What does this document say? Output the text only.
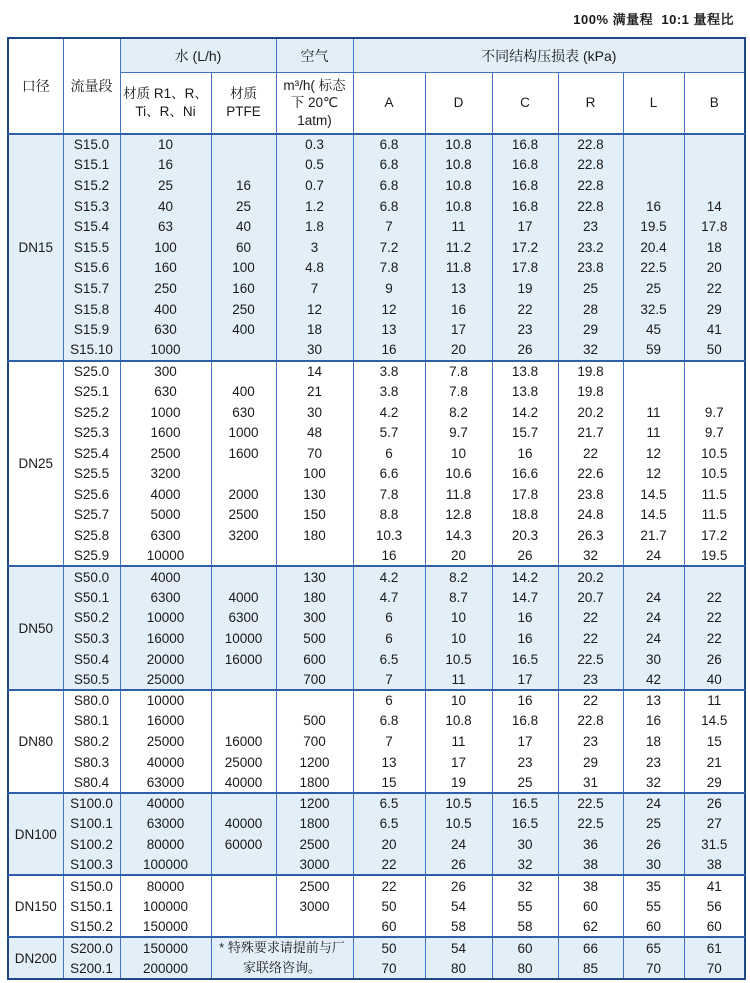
100% 满量程  10:1 量程比
口径	流量段	水 (L/h)		空气	不同结构压损表 (kPa)					
		材质 R1、R、Ti、R、Ni	材质 PTFE	m³/h( 标态下 20℃ 1atm)	A	D	C	R	L	B
DN15	S15.0	10		0.3	6.8	10.8	16.8	22.8		
	S15.1	16		0.5	6.8	10.8	16.8	22.8		
	S15.2	25	16	0.7	6.8	10.8	16.8	22.8		
	S15.3	40	25	1.2	6.8	10.8	16.8	22.8	16	14
	S15.4	63	40	1.8	7	11	17	23	19.5	17.8
	S15.5	100	60	3	7.2	11.2	17.2	23.2	20.4	18
	S15.6	160	100	4.8	7.8	11.8	17.8	23.8	22.5	20
	S15.7	250	160	7	9	13	19	25	25	22
	S15.8	400	250	12	12	16	22	28	32.5	29
	S15.9	630	400	18	13	17	23	29	45	41
	S15.10	1000		30	16	20	26	32	59	50
DN25	S25.0	300		14	3.8	7.8	13.8	19.8		
	S25.1	630	400	21	3.8	7.8	13.8	19.8		
	S25.2	1000	630	30	4.2	8.2	14.2	20.2	11	9.7
	S25.3	1600	1000	48	5.7	9.7	15.7	21.7	11	9.7
	S25.4	2500	1600	70	6	10	16	22	12	10.5
	S25.5	3200		100	6.6	10.6	16.6	22.6	12	10.5
	S25.6	4000	2000	130	7.8	11.8	17.8	23.8	14.5	11.5
	S25.7	5000	2500	150	8.8	12.8	18.8	24.8	14.5	11.5
	S25.8	6300	3200	180	10.3	14.3	20.3	26.3	21.7	17.2
	S25.9	10000			16	20	26	32	24	19.5
DN50	S50.0	4000		130	4.2	8.2	14.2	20.2		
	S50.1	6300	4000	180	4.7	8.7	14.7	20.7	24	22
	S50.2	10000	6300	300	6	10	16	22	24	22
	S50.3	16000	10000	500	6	10	16	22	24	22
	S50.4	20000	16000	600	6.5	10.5	16.5	22.5	30	26
	S50.5	25000		700	7	11	17	23	42	40
DN80	S80.0	10000			6	10	16	22	13	11
	S80.1	16000		500	6.8	10.8	16.8	22.8	16	14.5
	S80.2	25000	16000	700	7	11	17	23	18	15
	S80.3	40000	25000	1200	13	17	23	29	23	21
	S80.4	63000	40000	1800	15	19	25	31	32	29
DN100	S100.0	40000		1200	6.5	10.5	16.5	22.5	24	26
	S100.1	63000	40000	1800	6.5	10.5	16.5	22.5	25	27
	S100.2	80000	60000	2500	20	24	30	36	26	31.5
	S100.3	100000		3000	22	26	32	38	30	38
DN150	S150.0	80000		2500	22	26	32	38	35	41
	S150.1	100000		3000	50	54	55	60	55	56
	S150.2	150000			60	58	58	62	60	60
DN200	S200.0	150000	* 特殊要求请提前与厂家联络咨询。		50	54	60	66	65	61
	S200.1	200000			70	80	80	85	70	70
